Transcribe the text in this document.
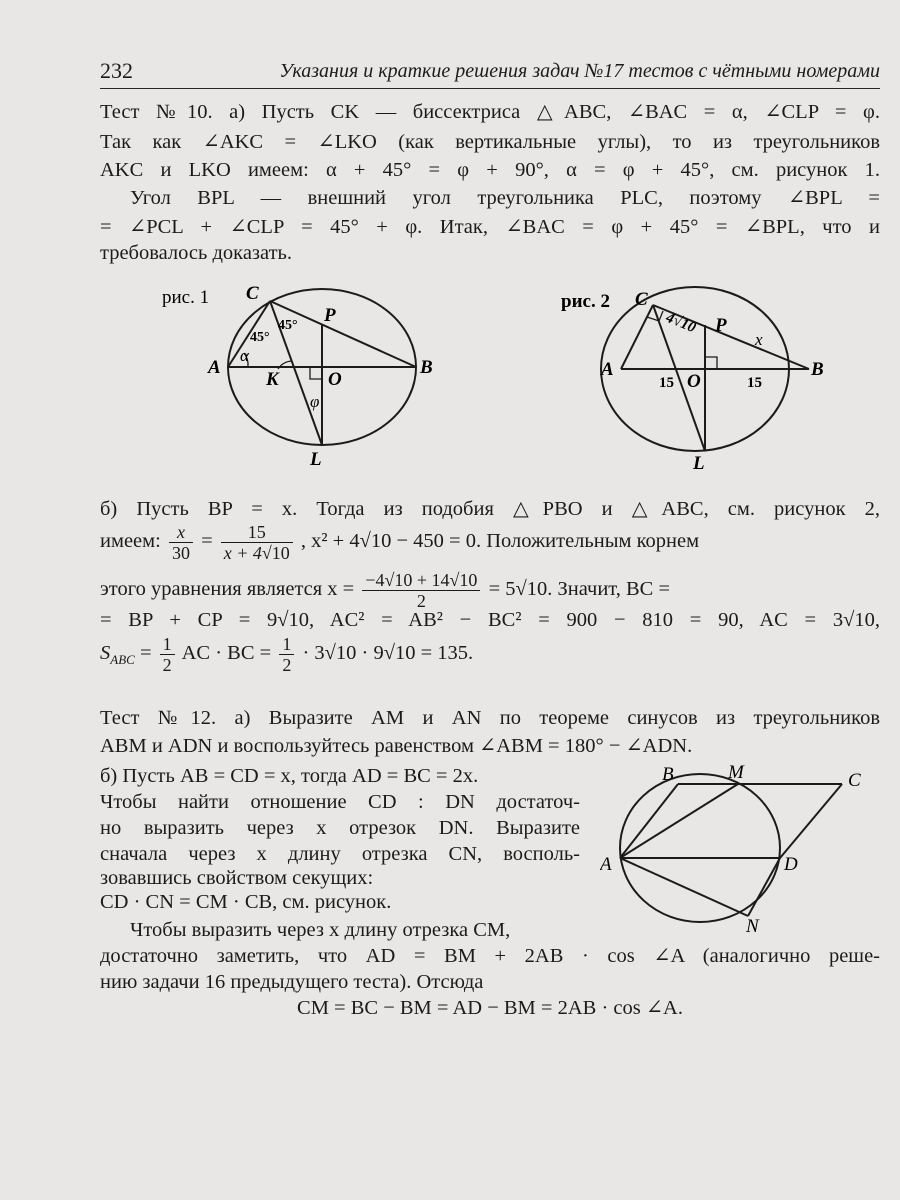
232	Указания и краткие решения задач №17 тестов с чётными номерами
Тест №10. а) Пусть CK — биссектриса △ABC, ∠BAC = α, ∠CLP = φ.
Так как ∠AKC = ∠LKO (как вертикальные углы), то из треугольников
AKC и LKO имеем: α + 45° = φ + 90°, α = φ + 45°, см. рисунок 1.
Угол BPL — внешний угол треугольника PLC, поэтому ∠BPL =
= ∠PCL + ∠CLP = 45° + φ. Итак, ∠BAC = φ + 45° = ∠BPL, что и
требовалось доказать.
рис. 1 C
P
A
K	O
B
L
45°
45°
α
φ
рис. 2 C
P
A
O
B
L
4√10
x
15	15
б) Пусть BP = x. Тогда из подобия △PBO и △ABC, см. рисунок 2,
имеем: $\frac{x}{30} = \frac{15}{x + 4√10}$ , x² + 4√10 − 450 = 0. Положительным корнем
этого уравнения является $x = \frac{-4√10 + 14√10}{2} = 5√10$. Значит, BC =
= BP + CP = 9√10, AC² = AB² − BC² = 900 − 810 = 90, AC = 3√10,
$S_{ABC} = \frac{1}{2}$ AC · BC = $\frac{1}{2} \cdot 3√10 \cdot 9√10 = 135$.
Тест №12. а) Выразите AM и AN по теореме синусов из треугольников
ABM и ADN и воспользуйтесь равенством ∠ABM = 180° − ∠ADN.
б) Пусть AB = CD = x, тогда AD = BC = 2x.
Чтобы найти отношение CD : DN достаточ-
но выразить через x отрезок DN. Выразите
сначала через x длину отрезка CN, восполь-
зовавшись свойством секущих:
CD · CN = CM · CB, см. рисунок.
Чтобы выразить через x длину отрезка CM,
достаточно заметить, что AD = BM + 2AB · cos ∠A (аналогично реше-
нию задачи 16 предыдущего теста). Отсюда
CM = BC − BM = AD − BM = 2AB · cos ∠A.
B	M	C
A	D
N
